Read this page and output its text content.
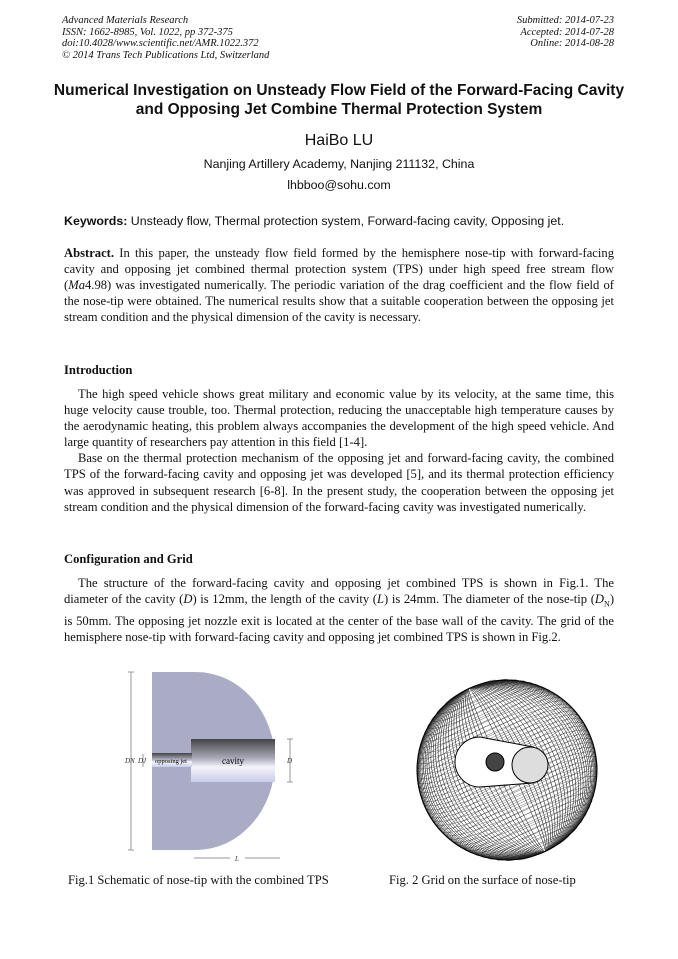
Advanced Materials Research
ISSN: 1662-8985, Vol. 1022, pp 372-375
doi:10.4028/www.scientific.net/AMR.1022.372
© 2014 Trans Tech Publications Ltd, Switzerland
Submitted: 2014-07-23
Accepted: 2014-07-28
Online: 2014-08-28
Numerical Investigation on Unsteady Flow Field of the Forward-Facing Cavity and Opposing Jet Combine Thermal Protection System
HaiBo LU
Nanjing Artillery Academy, Nanjing 211132, China
lhbboo@sohu.com
Keywords: Unsteady flow, Thermal protection system, Forward-facing cavity, Opposing jet.
Abstract. In this paper, the unsteady flow field formed by the hemisphere nose-tip with forward-facing cavity and opposing jet combined thermal protection system (TPS) under high speed free stream flow (Ma4.98) was investigated numerically. The periodic variation of the drag coefficient and the flow field of the nose-tip were obtained. The numerical results show that a suitable cooperation between the opposing jet stream condition and the physical dimension of the cavity is necessary.
Introduction

The high speed vehicle shows great military and economic value by its velocity, at the same time, this huge velocity cause trouble, too. Thermal protection, reducing the unacceptable high temperature causes by the aerodynamic heating, this problem always accompanies the development of the high speed vehicle. And large quantity of researchers pay attention in this field [1-4].

Base on the thermal protection mechanism of the opposing jet and forward-facing cavity, the combined TPS of the forward-facing cavity and opposing jet was developed [5], and its thermal protection efficiency was approved in subsequent research [6-8]. In the present study, the cooperation between the opposing jet stream condition and the physical dimension of the forward-facing cavity was investigated numerically.

Configuration and Grid

The structure of the forward-facing cavity and opposing jet combined TPS is shown in Fig.1. The diameter of the cavity (D) is 12mm, the length of the cavity (L) is 24mm. The diameter of the nose-tip $(D_N)$ is 50mm. The opposing jet nozzle exit is located at the center of the base wall of the cavity. The grid of the hemisphere nose-tip with forward-facing cavity and opposing jet combined TPS is shown in Fig.2.

cavity
opposing jet
DN DJ	D
L
Fig.1 Schematic of nose-tip with the combined TPS	Fig. 2 Grid on the surface of nose-tip
